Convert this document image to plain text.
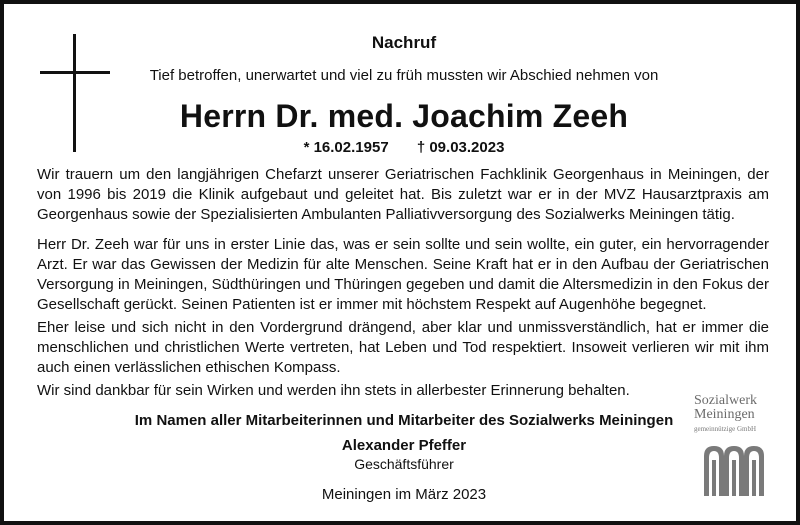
Nachruf
Tief betroffen, unerwartet und viel zu früh mussten wir Abschied nehmen von
Herrn Dr. med. Joachim Zeeh
* 16.02.1957 † 09.03.2023

Wir trauern um den langjährigen Chefarzt unserer Geriatrischen Fachklinik Georgenhaus in Meiningen, der von 1996 bis 2019 die Klinik aufgebaut und geleitet hat. Bis zuletzt war er in der MVZ Hausarztpraxis am Georgenhaus sowie der Spezialisierten Ambulanten Palliativversorgung des Sozialwerks Meiningen tätig.

Herr Dr. Zeeh war für uns in erster Linie das, was er sein sollte und sein wollte, ein guter, ein hervorragender Arzt. Er war das Gewissen der Medizin für alte Menschen. Seine Kraft hat er in den Aufbau der Geriatrischen Versorgung in Meiningen, Südthüringen und Thüringen gegeben und damit die Altersmedizin in den Fokus der Gesellschaft gerückt. Seinen Patienten ist er immer mit höchstem Respekt auf Augenhöhe begegnet.

Eher leise und sich nicht in den Vordergrund drängend, aber klar und unmissverständlich, hat er immer die menschlichen und christlichen Werte vertreten, hat Leben und Tod respektiert. Insoweit verlieren wir mit ihm auch einen verlässlichen ethischen Kompass.

Wir sind dankbar für sein Wirken und werden ihn stets in allerbester Erinnerung behalten.

Im Namen aller Mitarbeiterinnen und Mitarbeiter des Sozialwerks Meiningen
Alexander Pfeffer
Geschäftsführer
Meiningen im März 2023
Sozialwerk
Meiningen
gemeinnützige GmbH
